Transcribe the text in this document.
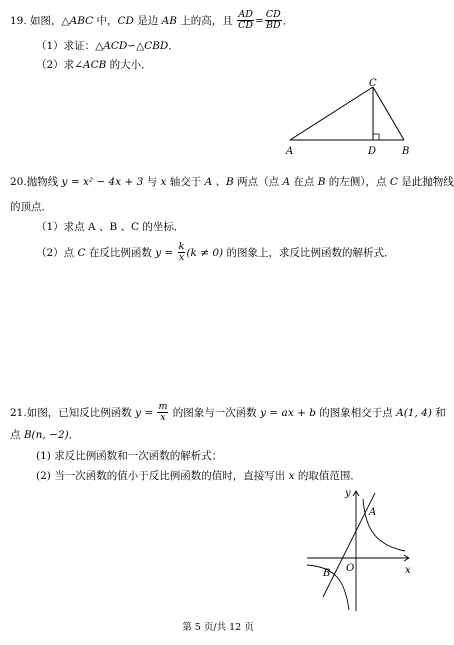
19. 如图，△ABC 中，CD 是边 AB 上的高，且 $\frac{AD}{CD} = \frac{CD}{BD}$ ．
（1）求证：△ACD∽△CBD．
（2）求∠ACB 的大小．
C
A	D	B
20.抛物线 y = x² − 4x + 3 与 x 轴交于 A 、B 两点（点 A 在点 B 的左侧），点 C 是此抛物线
的顶点．
（1）求点 A 、B 、C 的坐标．
（2）点 C 在反比例函数 $y = \frac{k}{x} (k \ne 0)$ 的图象上，求反比例函数的解析式．
21.如图，已知反比例函数 $y = \frac{m}{x}$ 的图象与一次函数 y = ax + b 的图象相交于点 A(1, 4) 和
点 B(n, −2)．
(1) 求反比例函数和一次函数的解析式；
(2) 当一次函数的值小于反比例函数的值时，直接写出 x 的取值范围．
y
x
O
A
B
第 5 页/共 12 页
